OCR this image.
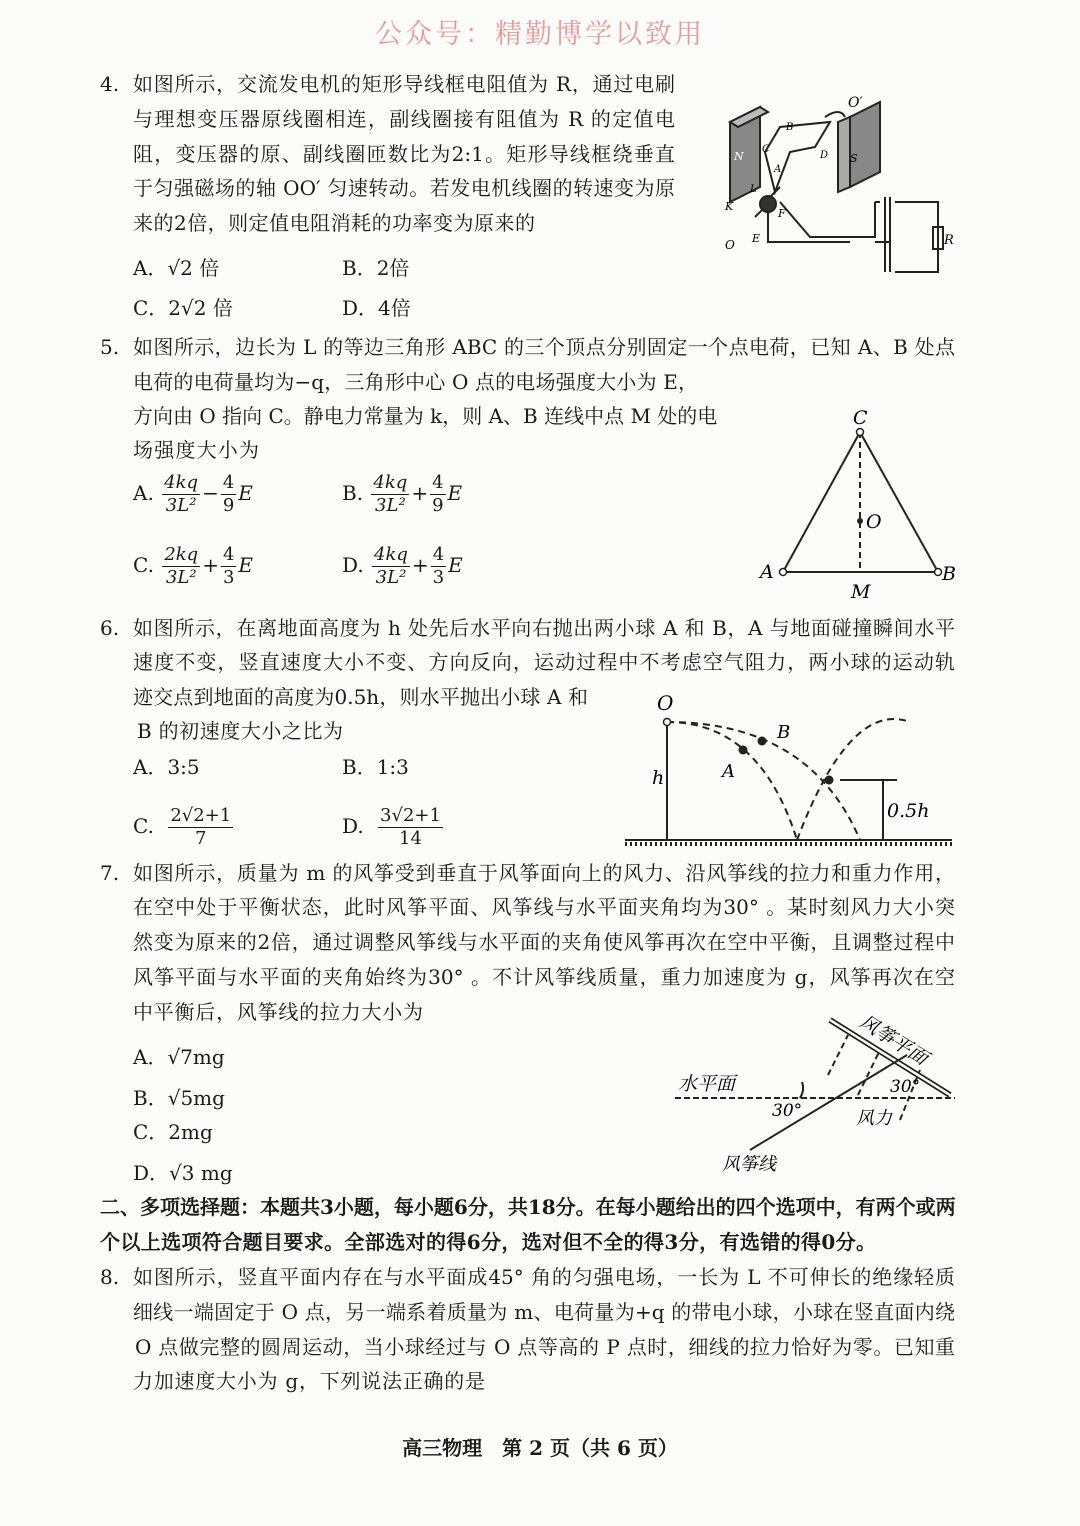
公众号：精勤博学以致用
4. 如图所示，交流发电机的矩形导线框电阻值为 R，通过电刷
与理想变压器原线圈相连，副线圈接有阻值为 R 的定值电
阻，变压器的原、副线圈匝数比为2:1。矩形导线框绕垂直
于匀强磁场的轴 OO′ 匀速转动。若发电机线圈的转速变为原
来的2倍，则定值电阻消耗的功率变为原来的
A．√2 倍	B．2倍
C．2√2 倍	D．4倍
O′
N	S
B
D
A
C
K
L
F
E
O	R
5. 如图所示，边长为 L 的等边三角形 ABC 的三个顶点分别固定一个点电荷，已知 A、B 处点
电荷的电荷量均为−q，三角形中心 O 点的电场强度大小为 E，
方向由 O 指向 C。静电力常量为 k，则 A、B 连线中点 M 处的电
场强度大小为
A. $\frac{4kq}{\text{3L²}} - \frac{4}{9}$ E	B. $\frac{4kq}{\text{3L²}} + \frac{4}{9}$ E
C. $\frac{2kq}{\text{3L²}} + \frac{4}{3}$ E	D. $\frac{4kq}{\text{3L²}} + \frac{4}{3}$ E
C
O
A	B
M
6. 如图所示，在离地面高度为 h 处先后水平向右抛出两小球 A 和 B，A 与地面碰撞瞬间水平
速度不变，竖直速度大小不变、方向反向，运动过程中不考虑空气阻力，两小球的运动轨
迹交点到地面的高度为0.5h，则水平抛出小球 A 和
B 的初速度大小之比为
A．3:5	B．1:3
C. $\frac{2√2+1}{7}$	D. $\frac{3√2+1}{14}$
O
B
A
h
0.5h
7. 如图所示，质量为 m 的风筝受到垂直于风筝面向上的风力、沿风筝线的拉力和重力作用，
在空中处于平衡状态，此时风筝平面、风筝线与水平面夹角均为30° 。某时刻风力大小突
然变为原来的2倍，通过调整风筝线与水平面的夹角使风筝再次在空中平衡，且调整过程中
风筝平面与水平面的夹角始终为30° 。不计风筝线质量，重力加速度为 g，风筝再次在空
中平衡后，风筝线的拉力大小为
A．√7mg
B．√5mg
C．2mg
D．√3 mg
风筝平面
水平面	30°
30°	风力
风筝线
二、多项选择题：本题共3小题，每小题6分，共18分。在每小题给出的四个选项中，有两个或两
个以上选项符合题目要求。全部选对的得6分，选对但不全的得3分，有选错的得0分。
8. 如图所示，竖直平面内存在与水平面成45° 角的匀强电场，一长为 L 不可伸长的绝缘轻质
细线一端固定于 O 点，另一端系着质量为 m、电荷量为+q 的带电小球，小球在竖直面内绕
O 点做完整的圆周运动，当小球经过与 O 点等高的 P 点时，细线的拉力恰好为零。已知重
力加速度大小为 g，下列说法正确的是
高三物理　第 2 页（共 6 页）
